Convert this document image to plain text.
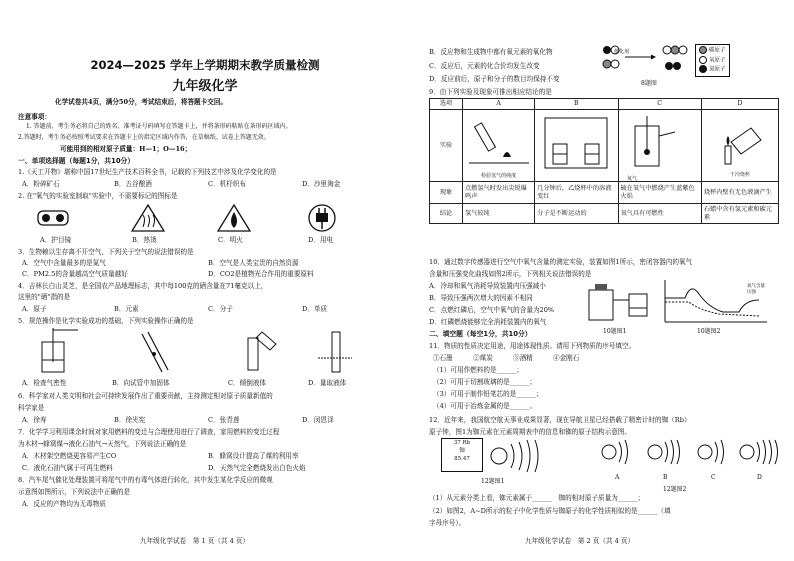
2024—2025 学年上学期期末教学质量检测
九年级化学
化学试卷共4页，满分50分，考试结束后，将答题卡交回。
注意事项：
1. 答题前，考生务必将自己的姓名、准考证号码填写在答题卡上，并将条形码粘贴在条形码区域内。
2.答题时，考生务必按照考试要求在答题卡上的指定区域内作答，在草稿纸、试卷上答题无效。
可能用到的相对原子质量：H—1；O—16；
一、单项选择题（每题1分，共10分）
1.《天工开物》堪称中国17世纪生产技术百科全书，记载的下列技艺中涉及化学变化的是
A．粉碎矿石	B．五谷酿酒	C．机杼织布	D．沙里淘金
2. 在"氧气的实验室制取"实验中，不需要标记的图标是
A．护目镜	B．热烫	C．明火	D．用电
3．生物赖以生存离不开空气，下列关于空气的说法错误的是
A．空气中含量最多的是氮气	B．空气是人类宝贵的自然资源
C．PM2.5的含量越高空气质量越好	D．CO2是植物光合作用的重要原料
4．吉林长白山灵芝，是全国农产品地理标志，其中每100克的硒含量在71毫克以上，
这里的"硒"指的是
A．原子	B．元素	C．分子	D．单质
5．规范操作是化学实验成功的基础，下列实验操作正确的是
A．检查气密性	B．向试管中加固体	C．倾倒液体	D．量取液体
6．科学家对人类文明和社会可持续发展作出了重要贡献，主持测定相对原子质量新值的
科学家是
A．徐寿	B．徐光宪	C．张青莲	D．闵恩泽
7．化学学习利用课余时间对家用燃料的变迁与合理使用进行了调查，家用燃料的变迁过程
为木材→蜂窝煤→液化石油气→天然气，下列说法正确的是
A．木材架空燃烧更容易产生CO	B．蜂窝设计提高了煤的利用率
C．液化石油气属于可再生燃料	D．天然气完全燃烧发出白色火焰
8．汽车尾气催化处理装置可将尾气中的有毒气体进行转化，其中发生某化学反应的微观
示意图如图所示，下列说法中正确的是
A．反应的产物均为无毒物质
九年级化学试卷　第 1 页（共 4 页）
B．反应物和生成物中都有氧元素的氧化物
C．反应后，元素的化合价均发生改变
D．反应前后，原子和分子的数目均保持不变
催化剂	碳原子
氧原子
氮原子
8题图
9．由下列实验及现象可推出相应结论的是
选项	A	B	C	D
实验	检验氢气的纯度			干冷烧杯

现象	点燃氢气时发出尖锐爆鸣声	几分钟后，乙烧杯中的溶液变红	硫在氧气中燃烧产生蓝紫色火焰	烧杯内壁有无色液滴产生
结论	氢气较纯	分子是不断运动的	氧气具有可燃性	石蜡中含有氢元素和碳元素
氧气
10．通过数字传感器进行空气中氧气含量的测定实验，装置如图1所示，密闭容器内的氧气
含量和压强变化曲线如图2所示，下列相关说法错误的是
A．冷却和氧气消耗导致装置内压强减小
B．导致压强两次增大的因素不相同
C．点燃红磷后，空气中氧气的含量为20%
D．红磷燃烧能够完全消耗装置内的氧气
10题图1
氧气含量
压强
10题图2
二、填空题（每空1分，共10分）
11．物质的性质决定用途，用途体现性质。请用下列物质的序号填空。
①石墨	②煤炭	③酒精	④金刚石
（1）可用作燃料的是______；
（2）可用于切割玻璃的是______；
（3）可用于制作铅笔芯的是______；
（4）可用于冶炼金属的是______。
12．近年来，我国航空航天事业成果显著，现在导航卫星已经搭载了精密计时的铷（Rb）
原子钟，图1为铷元素在元素周期表中的信息和铷的原子结构示意图。
37 Rb
铷
85.47
12题图1
A	B	C	D
12题图2
（1）从元素分类上看，铷元素属于______　铷的相对原子质量为______；
（2）如图2，A~D所示的粒子中化学性质与铷原子的化学性质相似的是______（填
字母序号）。
九年级化学试卷　第 2 页（共 4 页）
